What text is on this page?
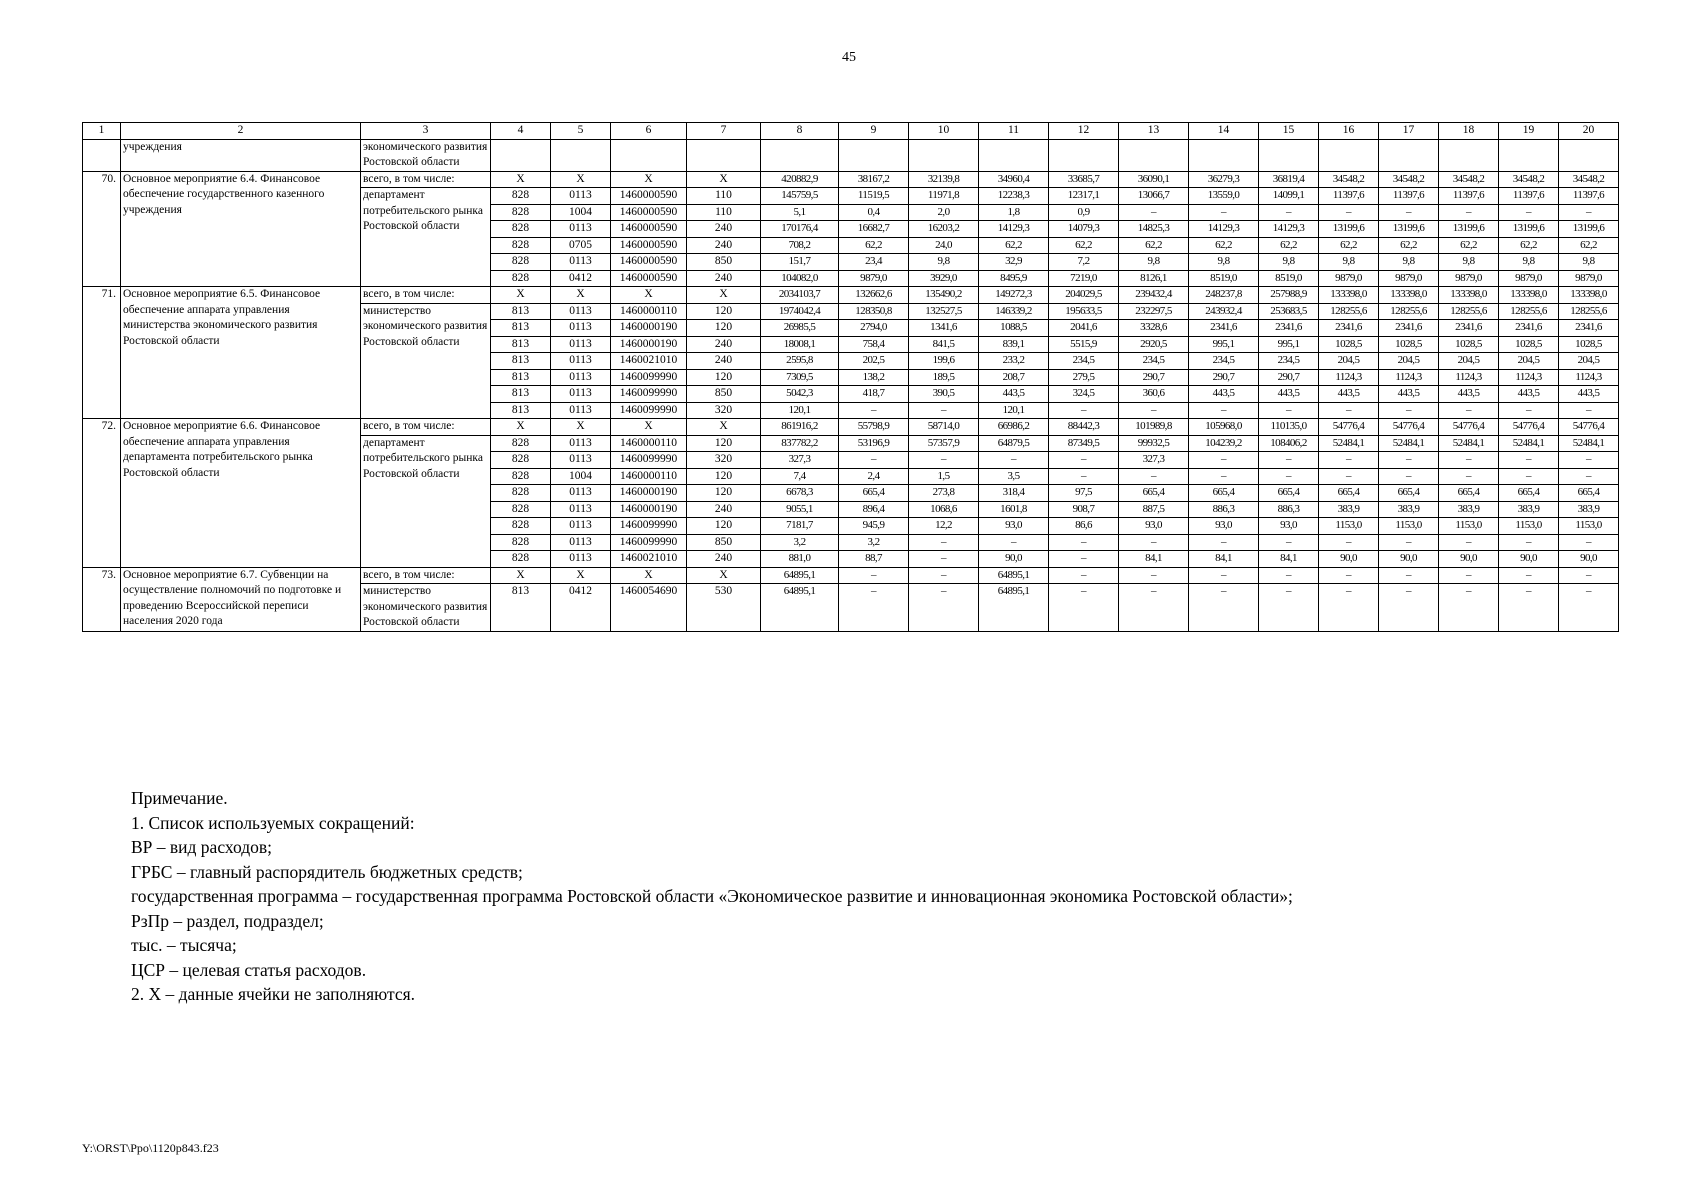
45
1	2	3	4	5	6	7	8	9	10	11	12	13	14	15	16	17	18	19	20
	учреждения	экономического развития Ростовской области																	
70.	Основное мероприятие 6.4. Финансовое обеспечение государственного казенного учреждения	всего, в том числе:	Х	Х	Х	Х	420882,9	38167,2	32139,8	34960,4	33685,7	36090,1	36279,3	36819,4	34548,2	34548,2	34548,2	34548,2	34548,2
		департамент потребительского рынка Ростовской области	828	0113	1460000590	110	145759,5	11519,5	11971,8	12238,3	12317,1	13066,7	13559,0	14099,1	11397,6	11397,6	11397,6	11397,6	11397,6
			828	1004	1460000590	110	5,1	0,4	2,0	1,8	0,9	–	–	–	–	–	–	–	–
			828	0113	1460000590	240	170176,4	16682,7	16203,2	14129,3	14079,3	14825,3	14129,3	14129,3	13199,6	13199,6	13199,6	13199,6	13199,6
			828	0705	1460000590	240	708,2	62,2	24,0	62,2	62,2	62,2	62,2	62,2	62,2	62,2	62,2	62,2	62,2
			828	0113	1460000590	850	151,7	23,4	9,8	32,9	7,2	9,8	9,8	9,8	9,8	9,8	9,8	9,8	9,8
			828	0412	1460000590	240	104082,0	9879,0	3929,0	8495,9	7219,0	8126,1	8519,0	8519,0	9879,0	9879,0	9879,0	9879,0	9879,0
71.	Основное мероприятие 6.5. Финансовое обеспечение аппарата управления министерства экономического развития Ростовской области	всего, в том числе:	Х	Х	Х	Х	2034103,7	132662,6	135490,2	149272,3	204029,5	239432,4	248237,8	257988,9	133398,0	133398,0	133398,0	133398,0	133398,0
		министерство экономического развития Ростовской области	813	0113	1460000110	120	1974042,4	128350,8	132527,5	146339,2	195633,5	232297,5	243932,4	253683,5	128255,6	128255,6	128255,6	128255,6	128255,6
			813	0113	1460000190	120	26985,5	2794,0	1341,6	1088,5	2041,6	3328,6	2341,6	2341,6	2341,6	2341,6	2341,6	2341,6	2341,6
			813	0113	1460000190	240	18008,1	758,4	841,5	839,1	5515,9	2920,5	995,1	995,1	1028,5	1028,5	1028,5	1028,5	1028,5
			813	0113	1460021010	240	2595,8	202,5	199,6	233,2	234,5	234,5	234,5	234,5	204,5	204,5	204,5	204,5	204,5
			813	0113	1460099990	120	7309,5	138,2	189,5	208,7	279,5	290,7	290,7	290,7	1124,3	1124,3	1124,3	1124,3	1124,3
			813	0113	1460099990	850	5042,3	418,7	390,5	443,5	324,5	360,6	443,5	443,5	443,5	443,5	443,5	443,5	443,5
			813	0113	1460099990	320	120,1	–	–	120,1	–	–	–	–	–	–	–	–	–
72.	Основное мероприятие 6.6. Финансовое обеспечение аппарата управления департамента потребительского рынка Ростовской области	всего, в том числе:	Х	Х	Х	Х	861916,2	55798,9	58714,0	66986,2	88442,3	101989,8	105968,0	110135,0	54776,4	54776,4	54776,4	54776,4	54776,4
		департамент потребительского рынка Ростовской области	828	0113	1460000110	120	837782,2	53196,9	57357,9	64879,5	87349,5	99932,5	104239,2	108406,2	52484,1	52484,1	52484,1	52484,1	52484,1
			828	0113	1460099990	320	327,3	–	–	–	–	327,3	–	–	–	–	–	–	–
			828	1004	1460000110	120	7,4	2,4	1,5	3,5	–	–	–	–	–	–	–	–	–
			828	0113	1460000190	120	6678,3	665,4	273,8	318,4	97,5	665,4	665,4	665,4	665,4	665,4	665,4	665,4	665,4
			828	0113	1460000190	240	9055,1	896,4	1068,6	1601,8	908,7	887,5	886,3	886,3	383,9	383,9	383,9	383,9	383,9
			828	0113	1460099990	120	7181,7	945,9	12,2	93,0	86,6	93,0	93,0	93,0	1153,0	1153,0	1153,0	1153,0	1153,0
			828	0113	1460099990	850	3,2	3,2	–	–	–	–	–	–	–	–	–	–	–
			828	0113	1460021010	240	881,0	88,7	–	90,0	–	84,1	84,1	84,1	90,0	90,0	90,0	90,0	90,0
73.	Основное мероприятие 6.7. Субвенции на осуществление полномочий по подготовке и проведению Всероссийской переписи населения 2020 года	всего, в том числе:	Х	Х	Х	Х	64895,1	–	–	64895,1	–	–	–	–	–	–	–	–	–
		министерство экономического развития Ростовской области	813	0412	1460054690	530	64895,1	–	–	64895,1	–	–	–	–	–	–	–	–	–
Примечание.
1. Список используемых сокращений:
ВР – вид расходов;
ГРБС – главный распорядитель бюджетных средств;
государственная программа – государственная программа Ростовской области «Экономическое развитие и инновационная экономика Ростовской области»;
РзПр – раздел, подраздел;
тыс. – тысяча;
ЦСР – целевая статья расходов.
2. Х – данные ячейки не заполняются.
Y:\ORST\Ppo\1120p843.f23
